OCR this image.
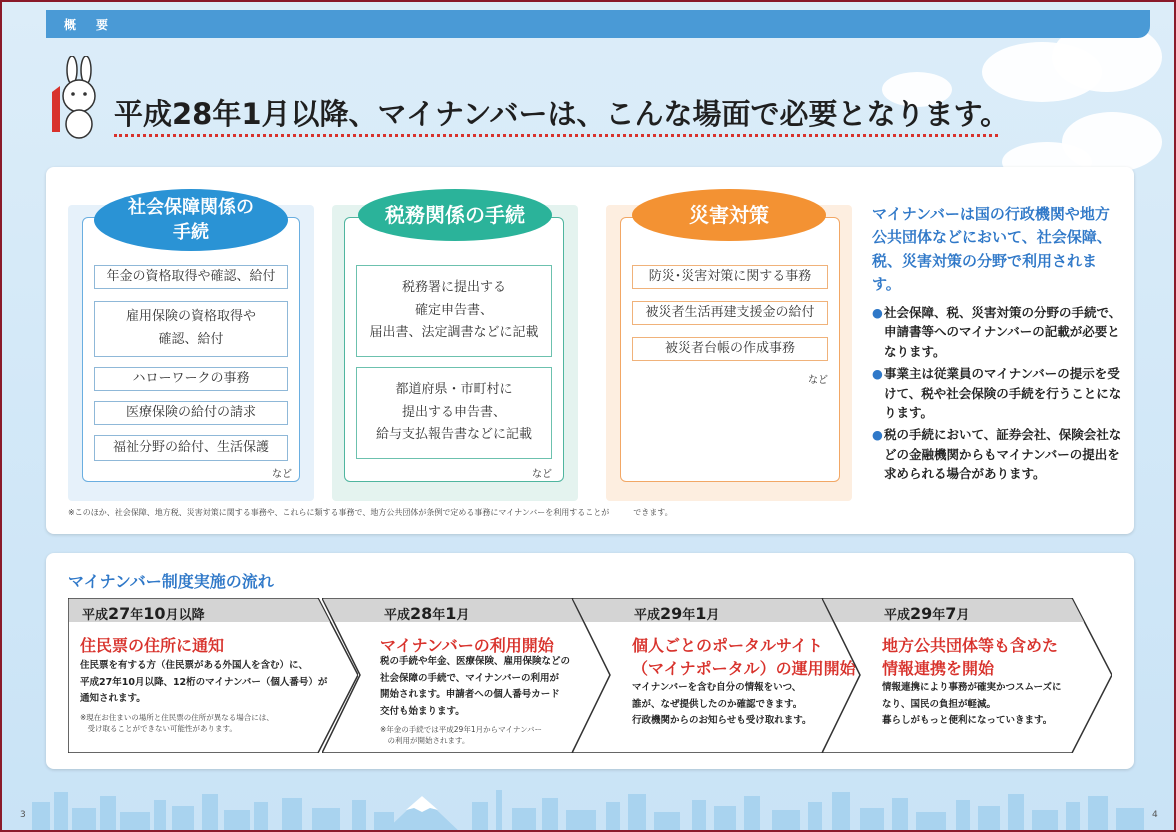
概　要
平成28年1月以降、マイナンバーは、こんな場面で必要となります。
社会保障関係の
手続
年金の資格取得や確認、給付
雇用保険の資格取得や
確認、給付
ハローワークの事務
医療保険の給付の請求
福祉分野の給付、生活保護
など
税務関係の手続
税務署に提出する
確定申告書、
届出書、法定調書などに記載
都道府県・市町村に
提出する申告書、
給与支払報告書などに記載
など
災害対策
防災･災害対策に関する事務
被災者生活再建支援金の給付
被災者台帳の作成事務
など
※このほか、社会保障、地方税、災害対策に関する事務や、これらに類する事務で、地方公共団体が条例で定める事務にマイナンバーを利用することが　　　できます。
マイナンバーは国の行政機関や地方公共団体などにおいて、社会保障、税、災害対策の分野で利用されます。
● 社会保障、税、災害対策の分野の手続で、申請書等へのマイナンバーの記載が必要となります。
● 事業主は従業員のマイナンバーの提示を受けて、税や社会保険の手続を行うことになります。
● 税の手続において、証券会社、保険会社などの金融機関からもマイナンバーの提出を求められる場合があります。
マイナンバー制度実施の流れ
平成27年10月以降
住民票の住所に通知
住民票を有する方（住民票がある外国人を含む）に、
平成27年10月以降、12桁のマイナンバー（個人番号）が
通知されます。
※現在お住まいの場所と住民票の住所が異なる場合には、
　受け取ることができない可能性があります。
平成28年1月
マイナンバーの利用開始
税の手続や年金、医療保険、雇用保険などの
社会保障の手続で、マイナンバーの利用が
開始されます。申請者への個人番号カード
交付も始まります。
※年金の手続では平成29年1月からマイナンバー
　の利用が開始されます。
平成29年1月
個人ごとのポータルサイト
（マイナポータル）の運用開始
マイナンバーを含む自分の情報をいつ、
誰が、なぜ提供したのか確認できます。
行政機関からのお知らせも受け取れます。
平成29年7月
地方公共団体等も含めた
情報連携を開始
情報連携により事務が確実かつスムーズに
なり、国民の負担が軽減。
暮らしがもっと便利になっていきます。
3	4
